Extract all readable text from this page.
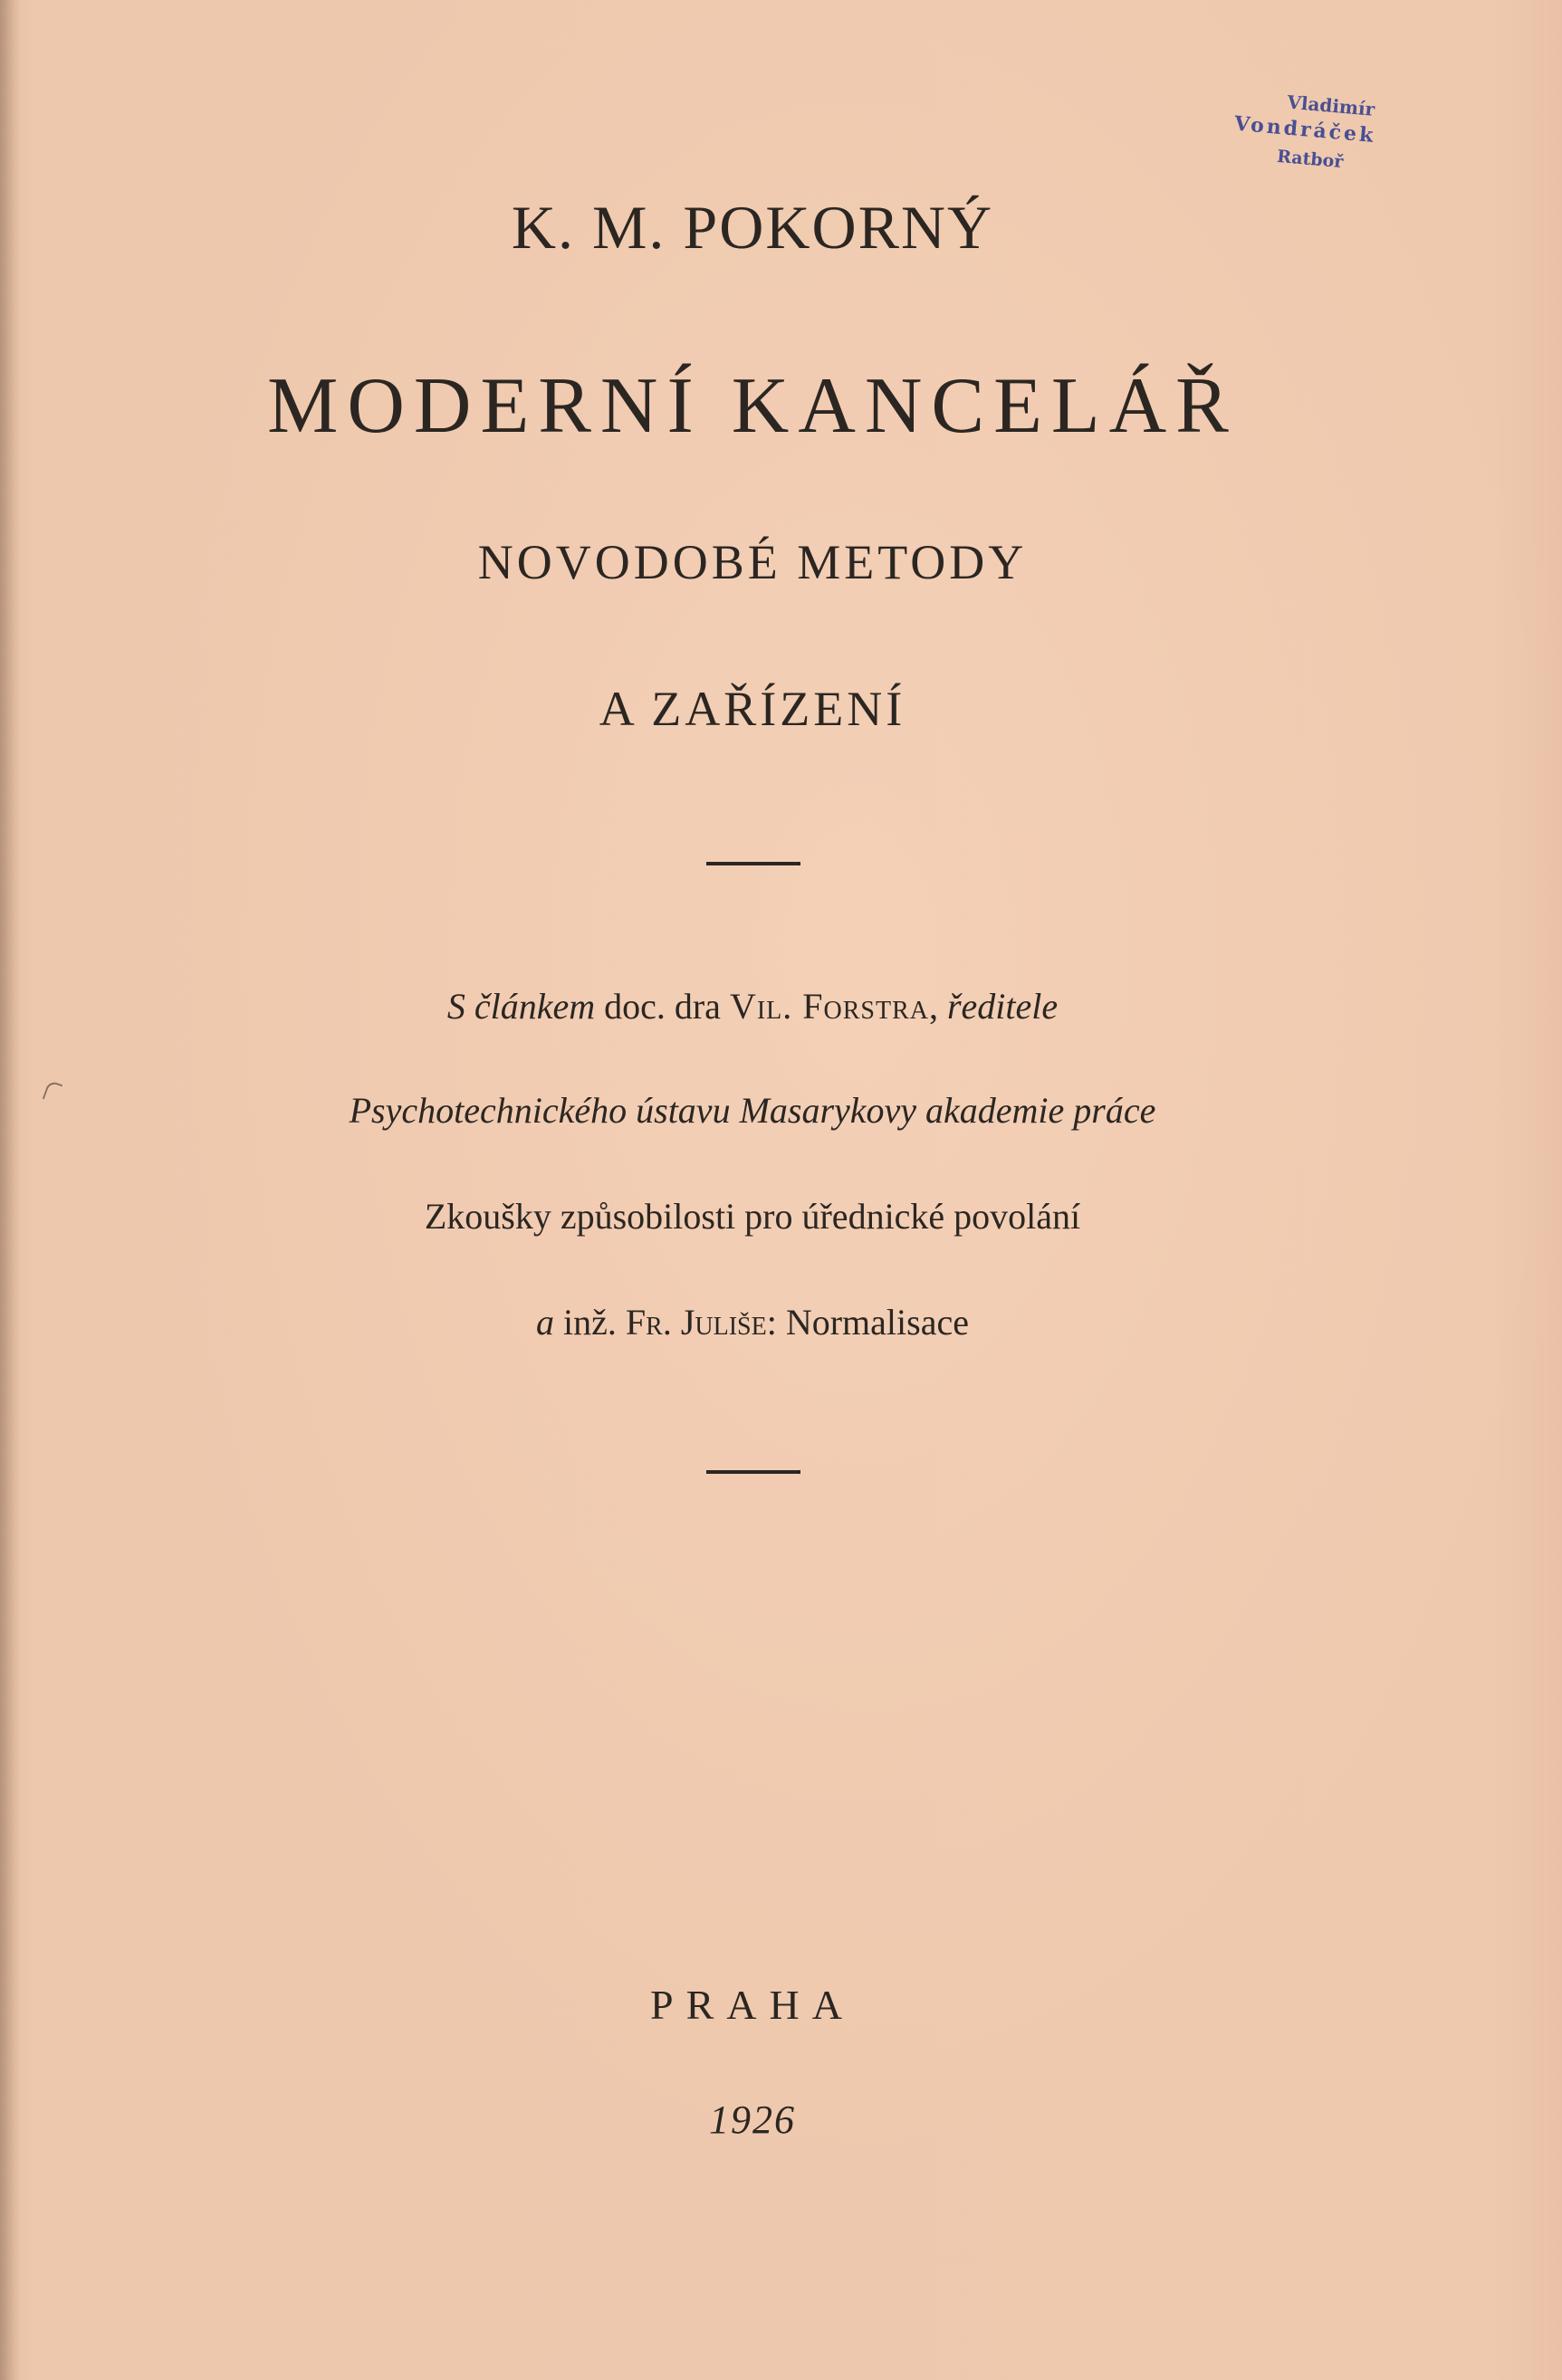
Vladimír
Vondráček
Ratboř
K. M. POKORNÝ
MODERNÍ KANCELÁŘ
NOVODOBÉ METODY
A ZAŘÍZENÍ
S článkem doc. dra Vil. Forstra, ředitele
Psychotechnického ústavu Masarykovy akademie práce
Zkoušky způsobilosti pro úřednické povolání
a inž. Fr. Juliše: Normalisace
PRAHA
1926
